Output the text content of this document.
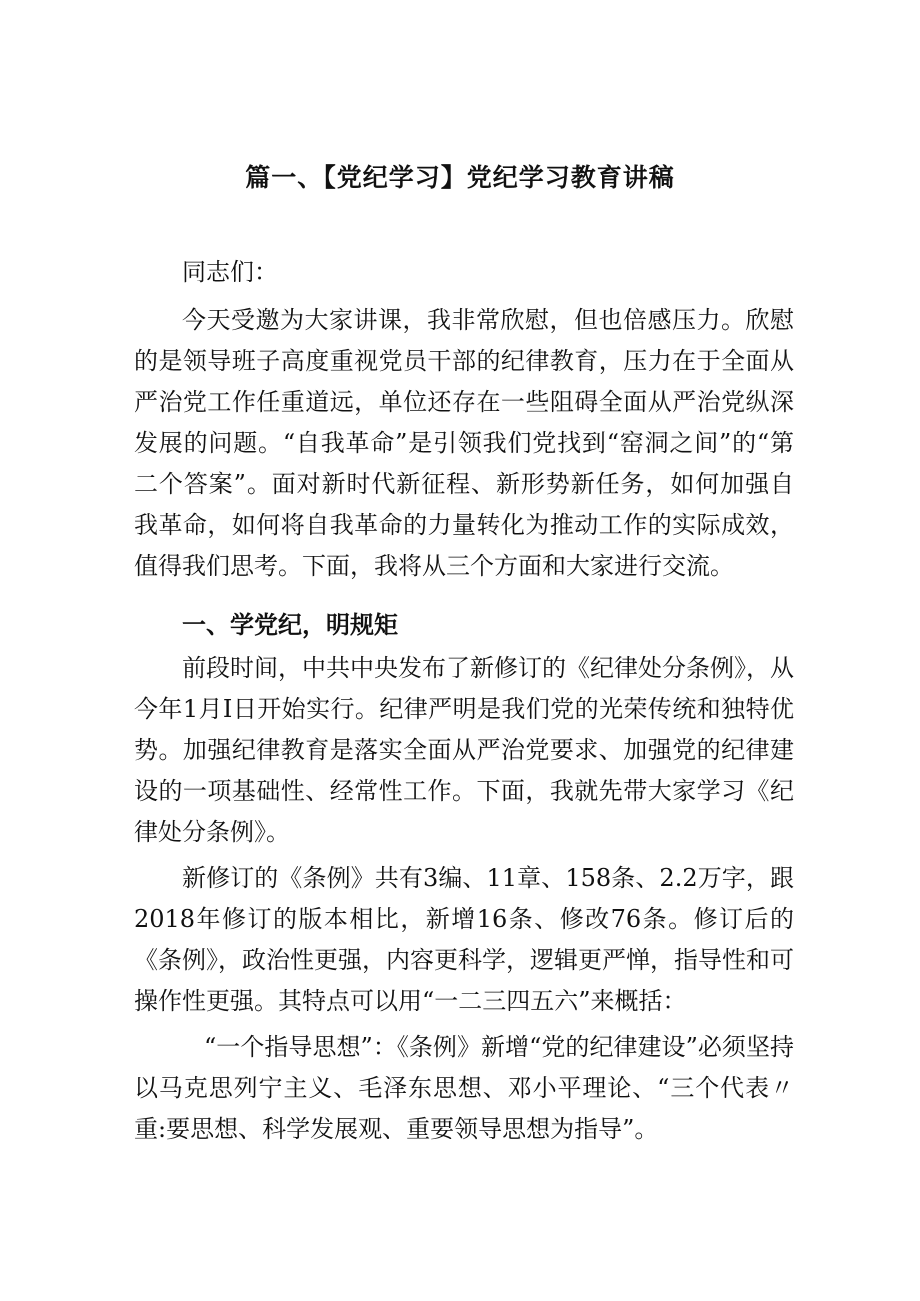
篇一、【党纪学习】党纪学习教育讲稿

同志们：

今天受邀为大家讲课，我非常欣慰，但也倍感压力。欣慰的是领导班子高度重视党员干部的纪律教育，压力在于全面从严治党工作任重道远，单位还存在一些阻碍全面从严治党纵深发展的问题。“自我革命”是引领我们党找到“窑洞之间”的“第二个答案”。面对新时代新征程、新形势新任务，如何加强自我革命，如何将自我革命的力量转化为推动工作的实际成效，值得我们思考。下面，我将从三个方面和大家进行交流。

一、学党纪，明规矩

前段时间，中共中央发布了新修订的《纪律处分条例》，从今年1月I日开始实行。纪律严明是我们党的光荣传统和独特优势。加强纪律教育是落实全面从严治党要求、加强党的纪律建设的一项基础性、经常性工作。下面，我就先带大家学习《纪律处分条例》。

新修订的《条例》共有3编、11章、158条、2.2万字，跟2018年修订的版本相比，新增16条、修改76条。修订后的《条例》，政治性更强，内容更科学，逻辑更严惮，指导性和可操作性更强。其特点可以用“一二三四五六”来概括：

“一个指导思想”：《条例》新增“党的纪律建设”必须坚持以马克思列宁主义、毛泽东思想、邓小平理论、“三个代表〃重:要思想、科学发展观、重要领导思想为指导”。
